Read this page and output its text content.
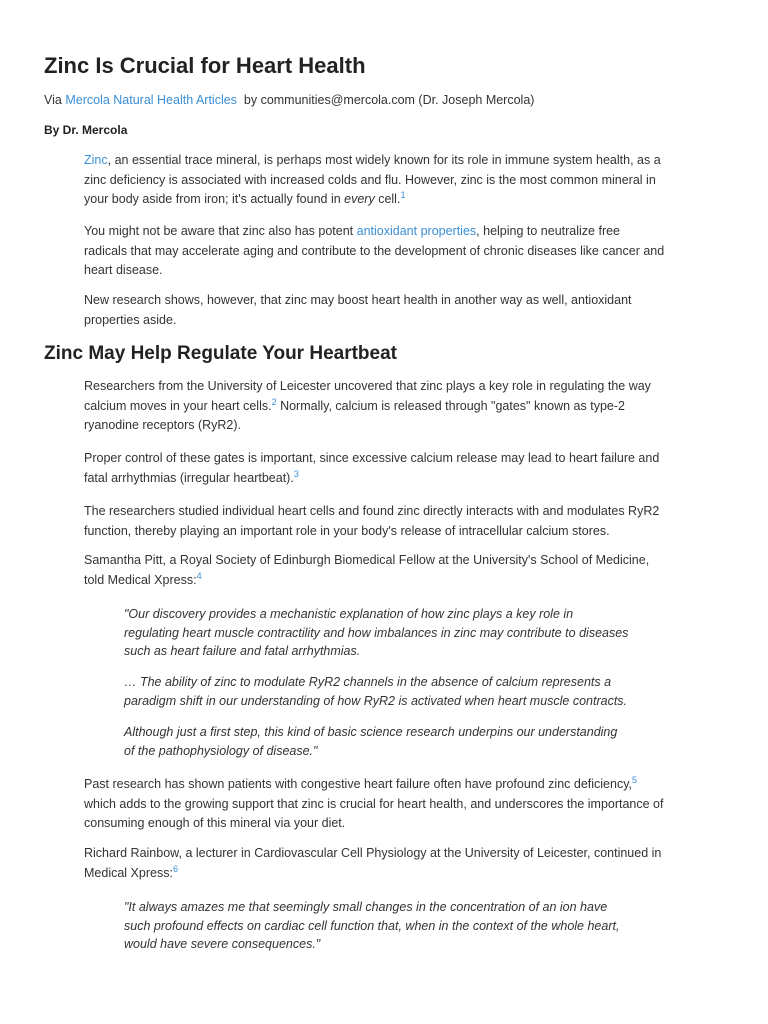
Zinc Is Crucial for Heart Health
Via Mercola Natural Health Articles by communities@mercola.com (Dr. Joseph Mercola)
By Dr. Mercola

Zinc, an essential trace mineral, is perhaps most widely known for its role in immune system health, as a
zinc deficiency is associated with increased colds and flu. However, zinc is the most common mineral in
your body aside from iron; it's actually found in every cell.$^1$

You might not be aware that zinc also has potent antioxidant properties, helping to neutralize free
radicals that may accelerate aging and contribute to the development of chronic diseases like cancer and
heart disease.

New research shows, however, that zinc may boost heart health in another way as well, antioxidant
properties aside.

Zinc May Help Regulate Your Heartbeat

Researchers from the University of Leicester uncovered that zinc plays a key role in regulating the way
calcium moves in your heart cells.$^2$ Normally, calcium is released through "gates" known as type-2
ryanodine receptors (RyR2).

Proper control of these gates is important, since excessive calcium release may lead to heart failure and
fatal arrhythmias (irregular heartbeat).$^3$

The researchers studied individual heart cells and found zinc directly interacts with and modulates RyR2
function, thereby playing an important role in your body's release of intracellular calcium stores.

Samantha Pitt, a Royal Society of Edinburgh Biomedical Fellow at the University's School of Medicine,
told Medical Xpress:$^4$

"Our discovery provides a mechanistic explanation of how zinc plays a key role in
regulating heart muscle contractility and how imbalances in zinc may contribute to diseases
such as heart failure and fatal arrhythmias.

… The ability of zinc to modulate RyR2 channels in the absence of calcium represents a
paradigm shift in our understanding of how RyR2 is activated when heart muscle contracts.

Although just a first step, this kind of basic science research underpins our understanding
of the pathophysiology of disease."

Past research has shown patients with congestive heart failure often have profound zinc deficiency,$^5$
which adds to the growing support that zinc is crucial for heart health, and underscores the importance of
consuming enough of this mineral via your diet.

Richard Rainbow, a lecturer in Cardiovascular Cell Physiology at the University of Leicester, continued in
Medical Xpress:$^6$

"It always amazes me that seemingly small changes in the concentration of an ion have
such profound effects on cardiac cell function that, when in the context of the whole heart,
would have severe consequences."
